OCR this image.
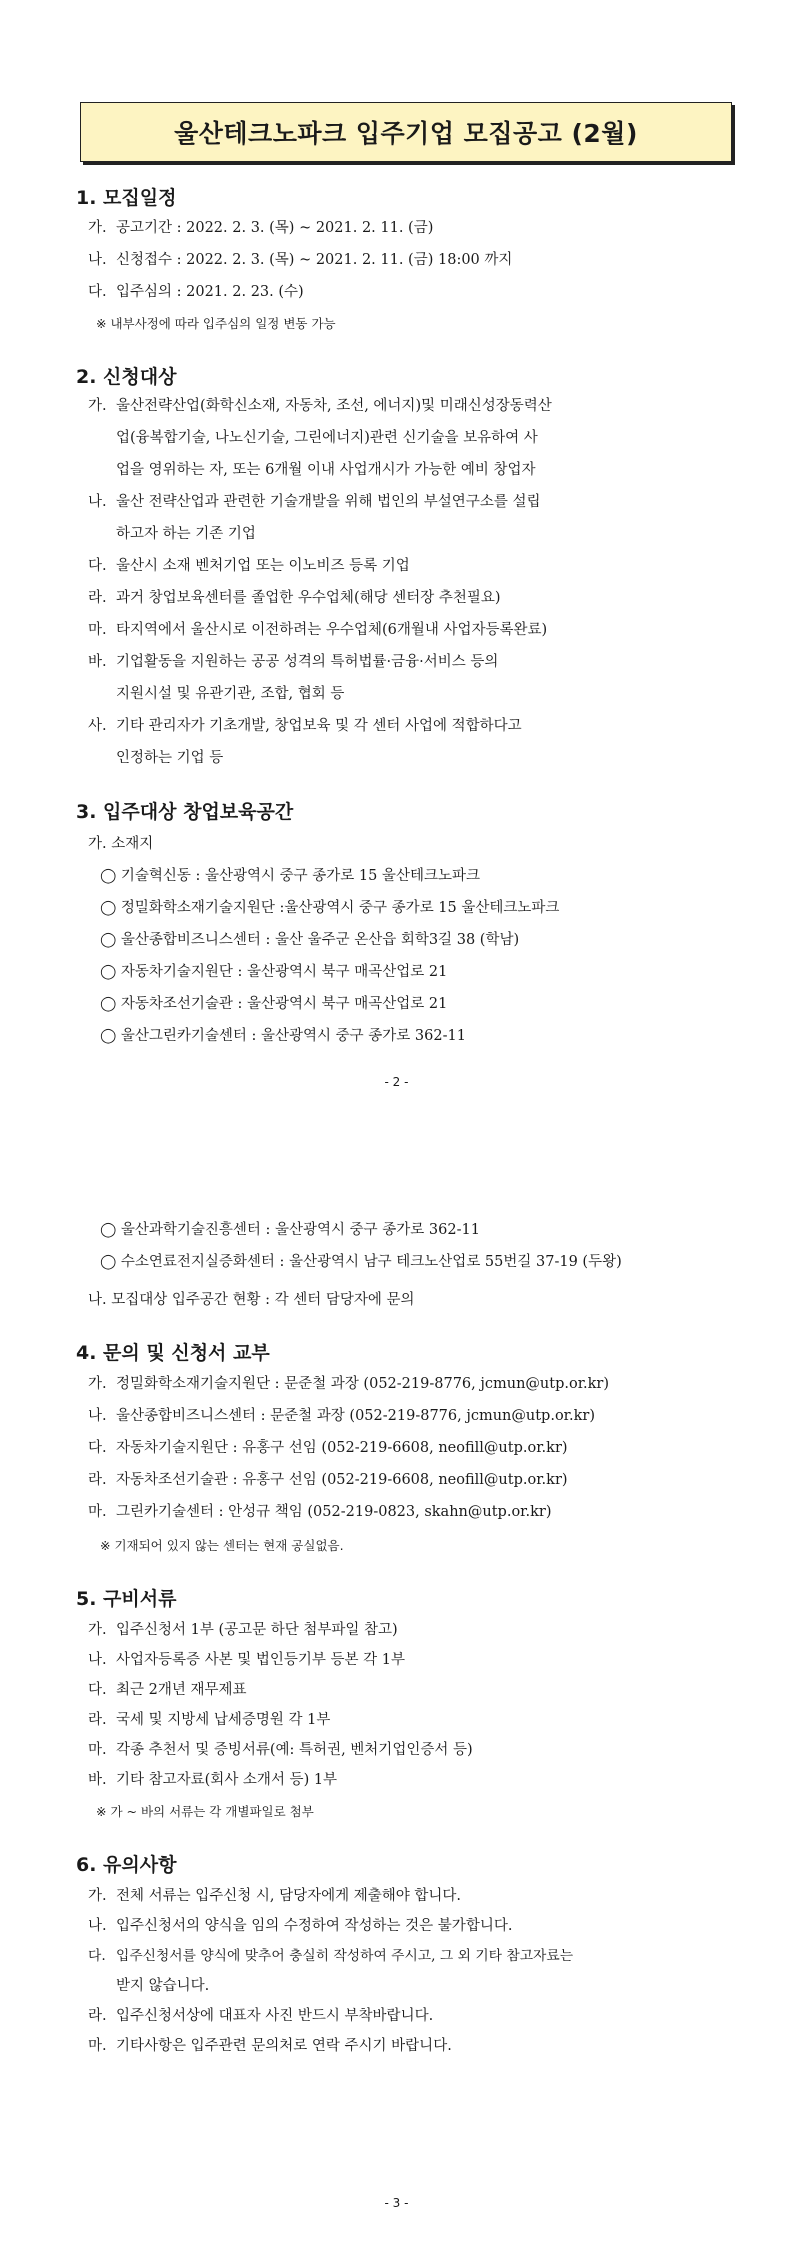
울산테크노파크 입주기업 모집공고 (2월)
1. 모집일정
가. 공고기간 : 2022. 2. 3. (목) ~ 2021. 2. 11. (금)
나. 신청접수 : 2022. 2. 3. (목) ~ 2021. 2. 11. (금) 18:00 까지
다. 입주심의 : 2021. 2. 23. (수)
※ 내부사정에 따라 입주심의 일정 변동 가능
2. 신청대상
가. 울산전략산업(화학신소재, 자동차, 조선, 에너지)및 미래신성장동력산
업(융복합기술, 나노신기술, 그린에너지)관련 신기술을 보유하여 사
업을 영위하는 자, 또는 6개월 이내 사업개시가 가능한 예비 창업자
나. 울산 전략산업과 관련한 기술개발을 위해 법인의 부설연구소를 설립
하고자 하는 기존 기업
다. 울산시 소재 벤처기업 또는 이노비즈 등록 기업
라. 과거 창업보육센터를 졸업한 우수업체(해당 센터장 추천필요)
마. 타지역에서 울산시로 이전하려는 우수업체(6개월내 사업자등록완료)
바. 기업활동을 지원하는 공공 성격의 특허법률·금융·서비스 등의
지원시설 및 유관기관, 조합, 협회 등
사. 기타 관리자가 기초개발, 창업보육 및 각 센터 사업에 적합하다고
인정하는 기업 등
3. 입주대상 창업보육공간
가. 소재지
◯ 기술혁신동 : 울산광역시 중구 종가로 15 울산테크노파크
◯ 정밀화학소재기술지원단 :울산광역시 중구 종가로 15 울산테크노파크
◯ 울산종합비즈니스센터 : 울산 울주군 온산읍 회학3길 38 (학남)
◯ 자동차기술지원단 : 울산광역시 북구 매곡산업로 21
◯ 자동차조선기술관 : 울산광역시 북구 매곡산업로 21
◯ 울산그린카기술센터 : 울산광역시 중구 종가로 362-11
- 2 -
◯ 울산과학기술진흥센터 : 울산광역시 중구 종가로 362-11
◯ 수소연료전지실증화센터 : 울산광역시 남구 테크노산업로 55번길 37-19 (두왕)
나. 모집대상 입주공간 현황 : 각 센터 담당자에 문의
4. 문의 및 신청서 교부
가. 정밀화학소재기술지원단 : 문준철 과장 (052-219-8776, jcmun@utp.or.kr)
나. 울산종합비즈니스센터 : 문준철 과장 (052-219-8776, jcmun@utp.or.kr)
다. 자동차기술지원단 : 유홍구 선임 (052-219-6608, neofill@utp.or.kr)
라. 자동차조선기술관 : 유홍구 선임 (052-219-6608, neofill@utp.or.kr)
마. 그린카기술센터 : 안성규 책임 (052-219-0823, skahn@utp.or.kr)
※ 기재되어 있지 않는 센터는 현재 공실없음.
5. 구비서류
가. 입주신청서 1부 (공고문 하단 첨부파일 참고)
나. 사업자등록증 사본 및 법인등기부 등본 각 1부
다. 최근 2개년 재무제표
라. 국세 및 지방세 납세증명원 각 1부
마. 각종 추천서 및 증빙서류(예: 특허권, 벤처기업인증서 등)
바. 기타 참고자료(회사 소개서 등) 1부
※ 가 ~ 바의 서류는 각 개별파일로 첨부
6. 유의사항
가. 전체 서류는 입주신청 시, 담당자에게 제출해야 합니다.
나. 입주신청서의 양식을 임의 수정하여 작성하는 것은 불가합니다.
다. 입주신청서를 양식에 맞추어 충실히 작성하여 주시고, 그 외 기타 참고자료는
받지 않습니다.
라. 입주신청서상에 대표자 사진 반드시 부착바랍니다.
마. 기타사항은 입주관련 문의처로 연락 주시기 바랍니다.
- 3 -
